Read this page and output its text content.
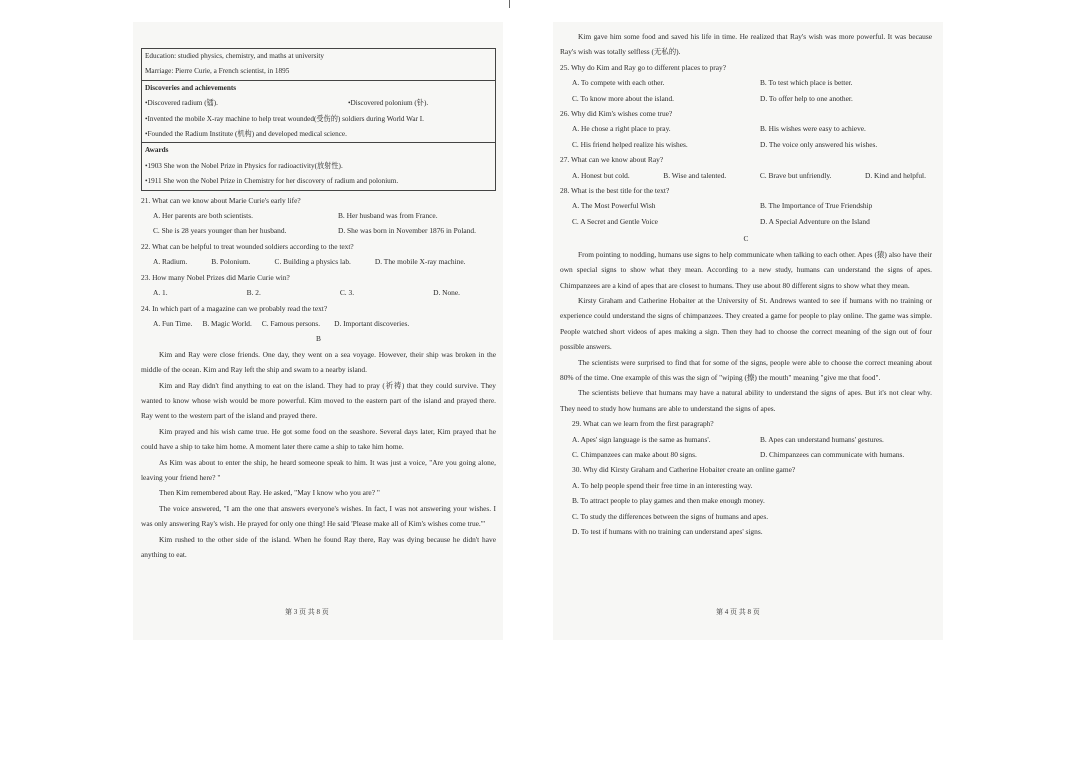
Education: studied physics, chemistry, and maths at university
Marriage: Pierre Curie, a French scientist, in 1895
Discoveries and achievements
•Discovered radium (镭).	•Discovered polonium (钋).
•Invented the mobile X-ray machine to help treat wounded(受伤的) soldiers during World War I.
•Founded the Radium Institute (机构) and developed medical science.
Awards
•1903 She won the Nobel Prize in Physics for radioactivity(放射性).
•1911 She won the Nobel Prize in Chemistry for her discovery of radium and polonium.
21. What can we know about Marie Curie's early life?
A. Her parents are both scientists.	B. Her husband was from France.
C. She is 28 years younger than her husband.	D. She was born in November 1876 in Poland.
22. What can be helpful to treat wounded soldiers according to the text?
A. Radium.	B. Polonium.	C. Building a physics lab.	D. The mobile X-ray machine.
23. How many Nobel Prizes did Marie Curie win?
A. 1.	B. 2.	C. 3.	D. None.
24. In which part of a magazine can we probably read the text?
A. Fun Time. B. Magic World. C. Famous persons. D. Important discoveries.
B

Kim and Ray were close friends. One day, they went on a sea voyage. However, their ship was broken in the middle of the ocean. Kim and Ray left the ship and swam to a nearby island.

Kim and Ray didn't find anything to eat on the island. They had to pray (祈祷) that they could survive. They wanted to know whose wish would be more powerful. Kim moved to the eastern part of the island and prayed there. Ray went to the western part of the island and prayed there.

Kim prayed and his wish came true. He got some food on the seashore. Several days later, Kim prayed that he could have a ship to take him home. A moment later there came a ship to take him home.

As Kim was about to enter the ship, he heard someone speak to him. It was just a voice, "Are you going alone, leaving your friend here? "

Then Kim remembered about Ray. He asked, "May I know who you are? "

The voice answered, "I am the one that answers everyone's wishes. In fact, I was not answering your wishes. I was only answering Ray's wish. He prayed for only one thing! He said 'Please make all of Kim's wishes come true.'"

Kim rushed to the other side of the island. When he found Ray there, Ray was dying because he didn't have anything to eat.

第 3 页 共 8 页

Kim gave him some food and saved his life in time. He realized that Ray's wish was more powerful. It was because Ray's wish was totally selfless (无私的).

25. Why do Kim and Ray go to different places to pray?
A. To compete with each other.	B. To test which place is better.
C. To know more about the island.	D. To offer help to one another.
26. Why did Kim's wishes come true?
A. He chose a right place to pray.	B. His wishes were easy to achieve.
C. His friend helped realize his wishes.	D. The voice only answered his wishes.
27. What can we know about Ray?
A. Honest but cold.	B. Wise and talented.	C. Brave but unfriendly.	D. Kind and helpful.
28. What is the best title for the text?
A. The Most Powerful Wish	B. The Importance of True Friendship
C. A Secret and Gentle Voice	D. A Special Adventure on the Island
C

From pointing to nodding, humans use signs to help communicate when talking to each other. Apes (猿) also have their own special signs to show what they mean. According to a new study, humans can understand the signs of apes. Chimpanzees are a kind of apes that are closest to humans. They use about 80 different signs to show what they mean.

Kirsty Graham and Catherine Hobaiter at the University of St. Andrews wanted to see if humans with no training or experience could understand the signs of chimpanzees. They created a game for people to play online. The game was simple. People watched short videos of apes making a sign. Then they had to choose the correct meaning of the sign out of four possible answers.

The scientists were surprised to find that for some of the signs, people were able to choose the correct meaning about 80% of the time. One example of this was the sign of "wiping (擦) the mouth" meaning "give me that food".

The scientists believe that humans may have a natural ability to understand the signs of apes. But it's not clear why. They need to study how humans are able to understand the signs of apes.

29. What can we learn from the first paragraph?
A. Apes' sign language is the same as humans'.	B. Apes can understand humans' gestures.
C. Chimpanzees can make about 80 signs.	D. Chimpanzees can communicate with humans.
30. Why did Kirsty Graham and Catherine Hobaiter create an online game?
A. To help people spend their free time in an interesting way.
B. To attract people to play games and then make enough money.
C. To study the differences between the signs of humans and apes.
D. To test if humans with no training can understand apes' signs.
第 4 页 共 8 页
